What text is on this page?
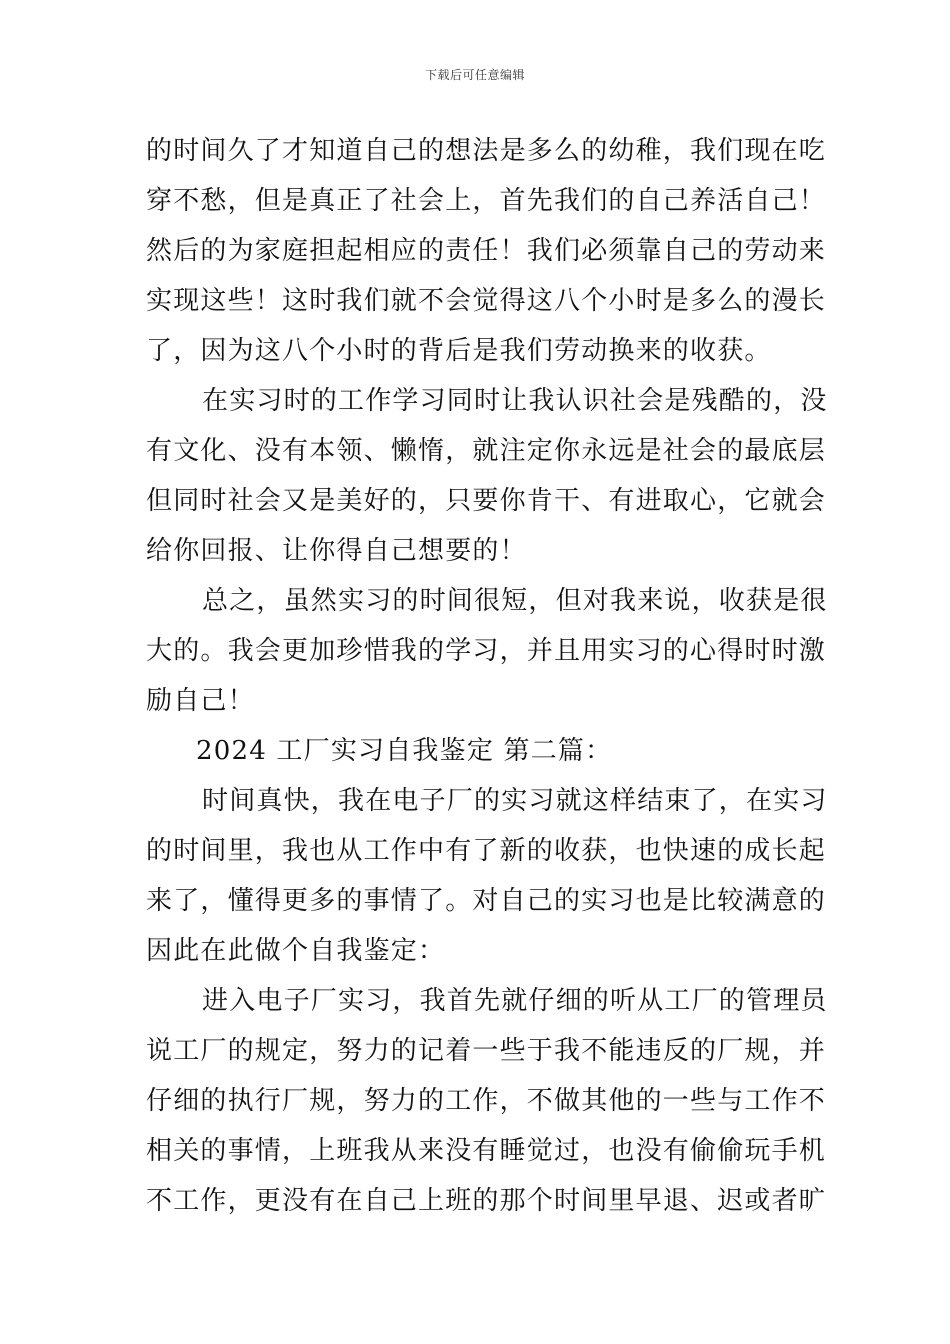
下载后可任意编辑
的时间久了才知道自己的想法是多么的幼稚，我们现在吃
穿不愁，但是真正了社会上，首先我们的自己养活自己！
然后的为家庭担起相应的责任！我们必须靠自己的劳动来
实现这些！这时我们就不会觉得这八个小时是多么的漫长
了，因为这八个小时的背后是我们劳动换来的收获。
在实习时的工作学习同时让我认识社会是残酷的，没
有文化、没有本领、懒惰，就注定你永远是社会的最底层
但同时社会又是美好的，只要你肯干、有进取心，它就会
给你回报、让你得自己想要的！
总之，虽然实习的时间很短，但对我来说，收获是很
大的。我会更加珍惜我的学习，并且用实习的心得时时激
励自己！
2024 工厂实习自我鉴定 第二篇：
时间真快，我在电子厂的实习就这样结束了，在实习
的时间里，我也从工作中有了新的收获，也快速的成长起
来了，懂得更多的事情了。对自己的实习也是比较满意的
因此在此做个自我鉴定：
进入电子厂实习，我首先就仔细的听从工厂的管理员
说工厂的规定，努力的记着一些于我不能违反的厂规，并
仔细的执行厂规，努力的工作，不做其他的一些与工作不
相关的事情，上班我从来没有睡觉过，也没有偷偷玩手机
不工作，更没有在自己上班的那个时间里早退、迟或者旷
